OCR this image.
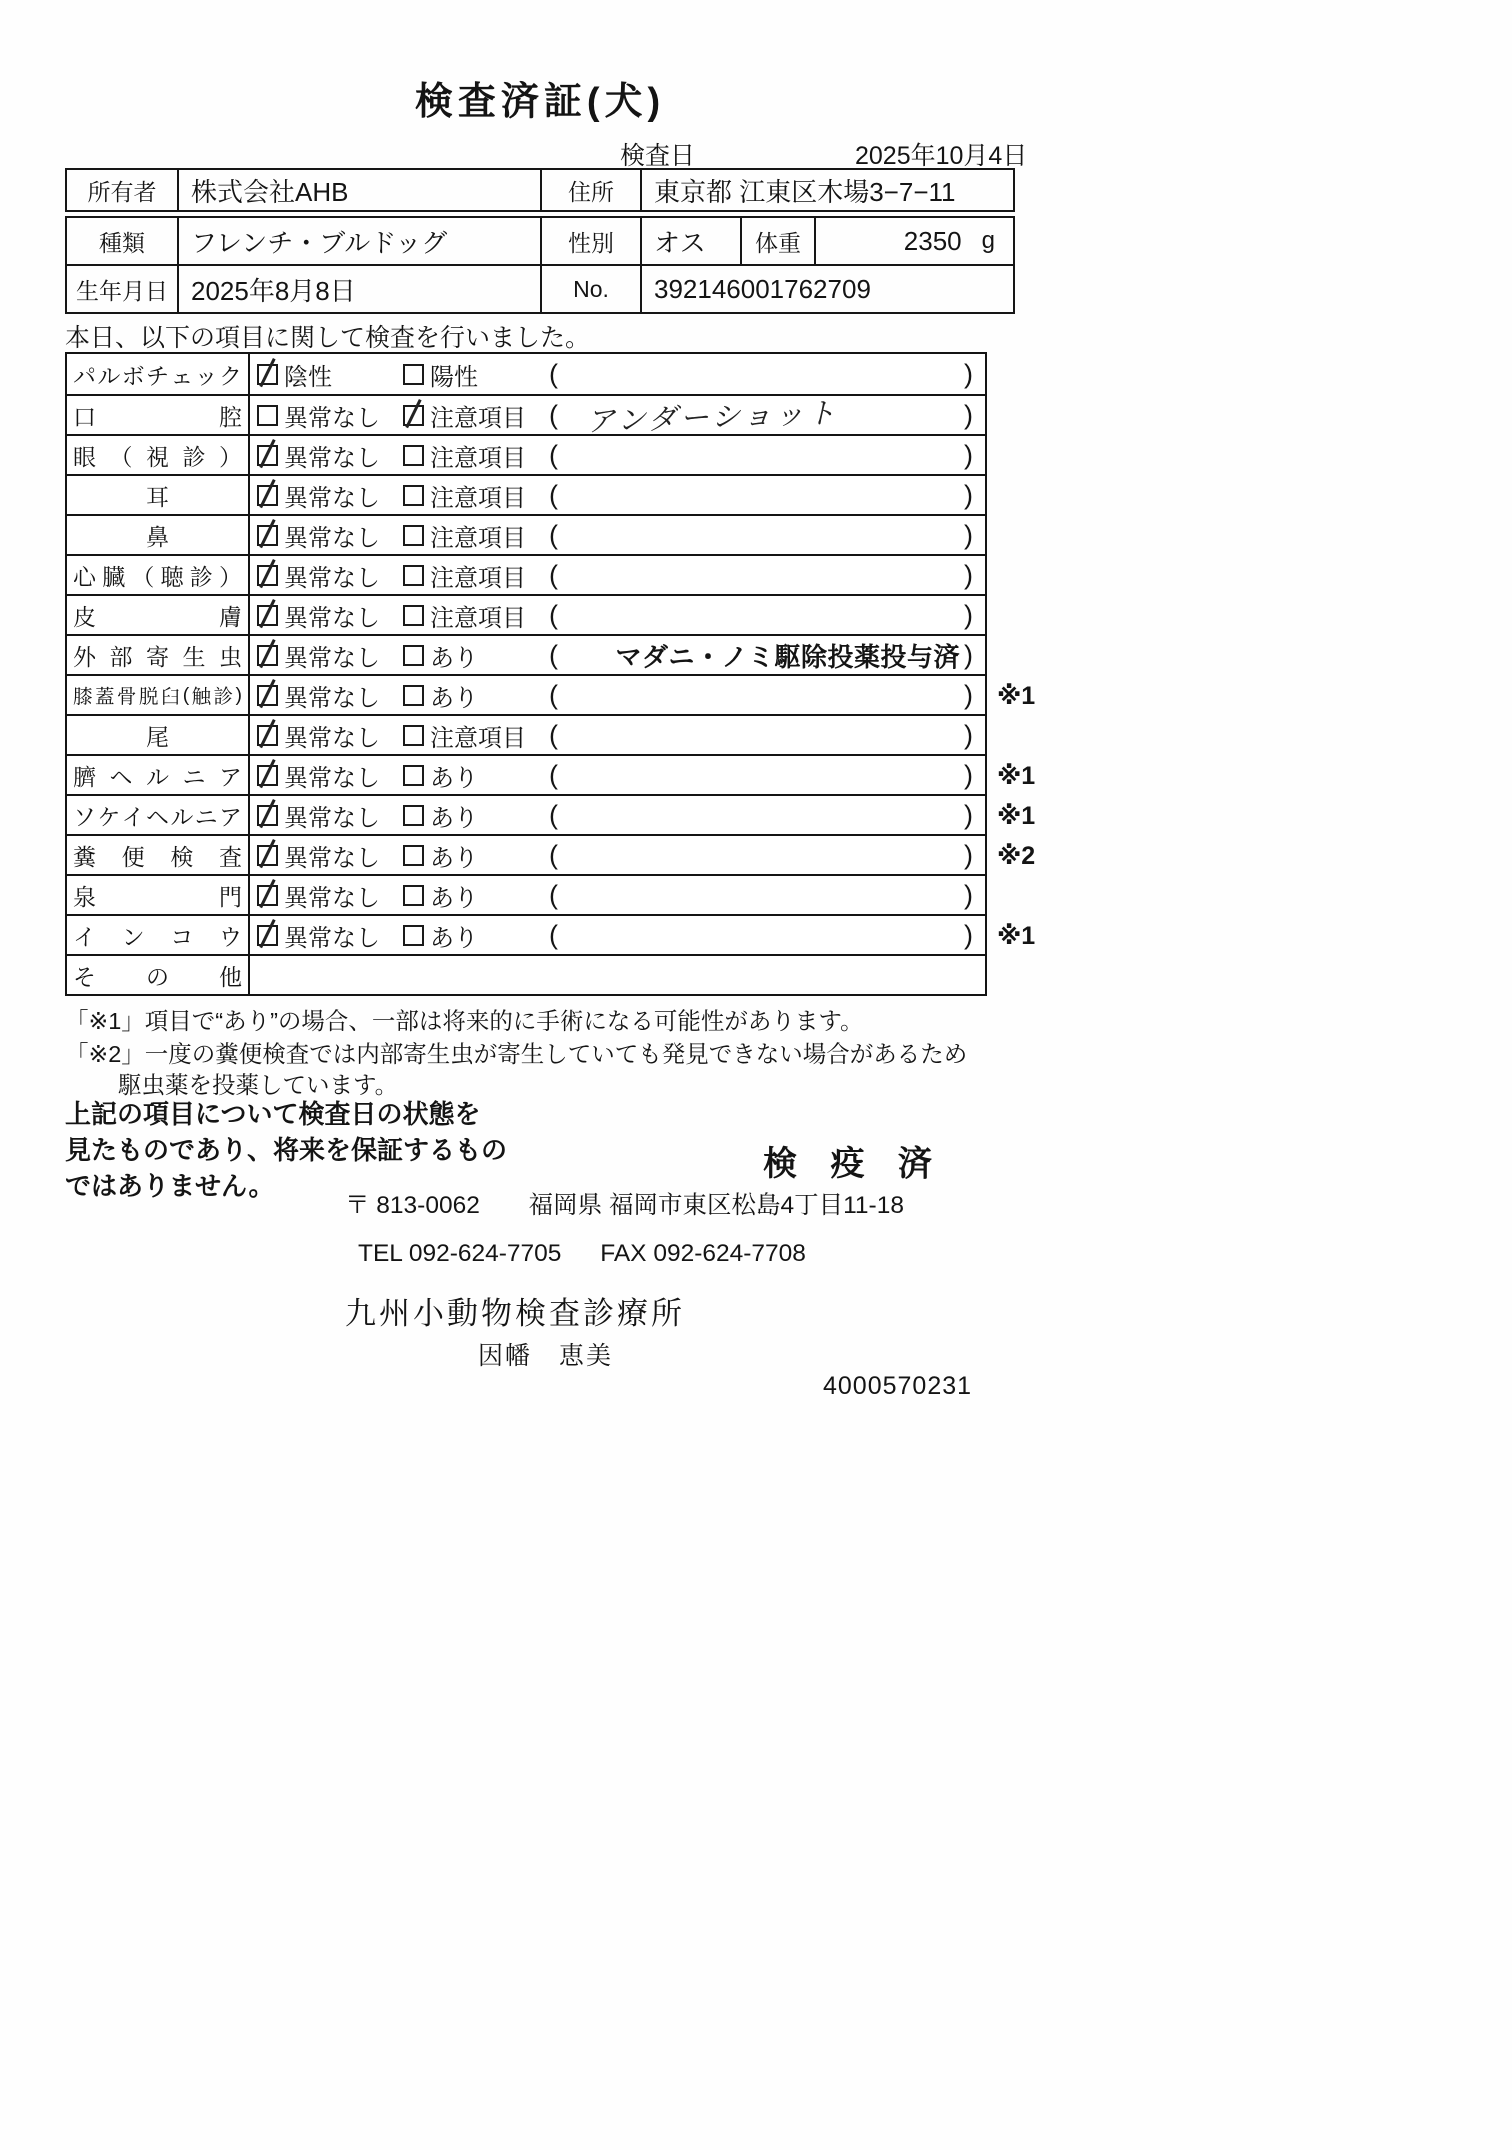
検査済証(犬)
検査日	2025年10月4日
所有者	株式会社AHB	住所	東京都 江東区木場3−7−11
種類	フレンチ・ブルドッグ	性別	オス	体重	2350 g
生年月日 2025年8月8日	No.	392146001762709
本日、以下の項目に関して検査を行いました。
パ ル ボ チ ェ ッ ク 陰性	陽性	(	)
口	腔 異常なし 注意項目 ( アンダーショット	)
眼 （ 視 診 ） 異常なし 注意項目 (	)
耳	異常なし 注意項目 (	)
鼻	異常なし 注意項目 (	)
心 臓 （ 聴 診 ） 異常なし 注意項目 (	)
皮	膚 異常なし 注意項目 (	)
外 部 寄 生 虫 異常なし あり	( マダニ・ノミ駆除投薬投与済 )
膝 蓋 骨 脱 臼 ( 触 診 ) 異常なし あり	(	) ※1
尾	異常なし 注意項目 (	)
臍 ヘ ル ニ ア 異常なし あり	(	) ※1
ソ ケ イ ヘ ル ニ ア 異常なし あり	(	) ※1
糞 便 検 査 異常なし あり	(	) ※2
泉	門 異常なし あり	(	)
イ ン コ ウ 異常なし あり	(	) ※1
そ の 他
「※1」項目で“あり”の場合、一部は将来的に手術になる可能性があります。
「※2」一度の糞便検査では内部寄生虫が寄生していても発見できない場合があるため
駆虫薬を投薬しています。
上記の項目について検査日の状態を
見たものであり、将来を保証するもの
ではありません。
検 疫 済
〒 813-0062 福岡県 福岡市東区松島4丁目11-18
TEL 092-624-7705 FAX 092-624-7708
九州小動物検査診療所
因幡　恵美
4000570231
